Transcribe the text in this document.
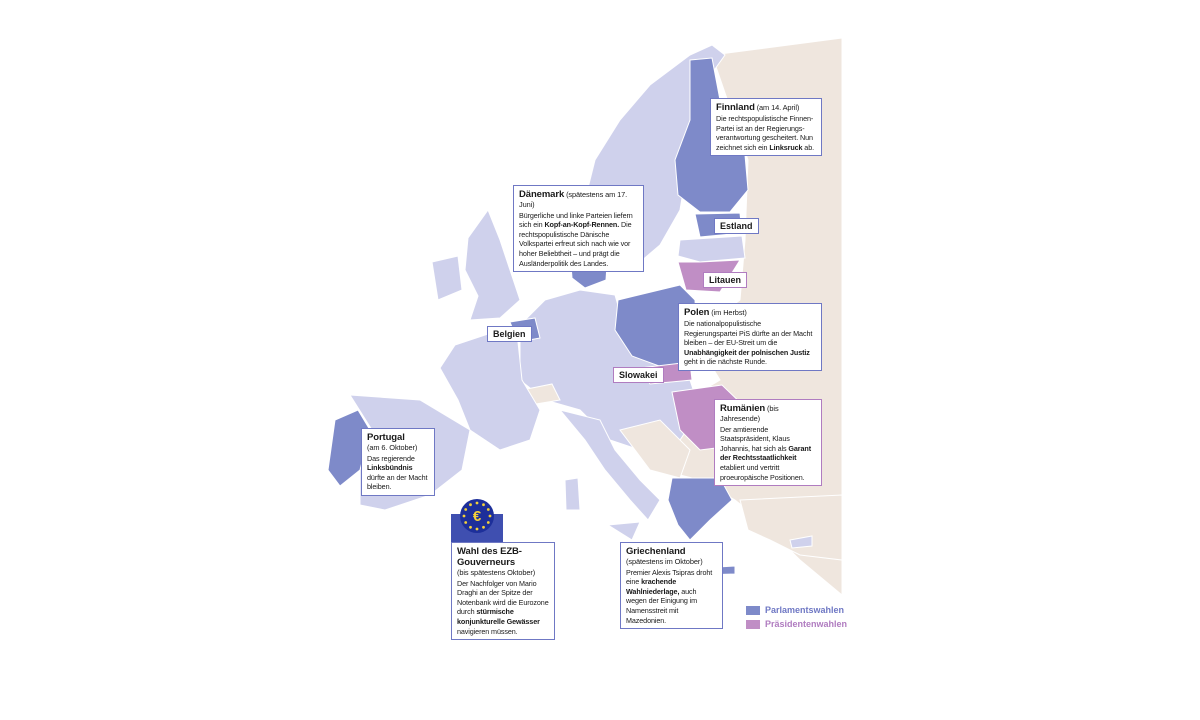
Estland
Litauen
Belgien
Slowakei
Finnland (am 14. April)

Die rechtspopulistische Finnen-Partei ist an der Regierungsverantwortung gescheitert. Nun zeichnet sich ein Linksruck ab.

Dänemark (spätestens am 17. Juni)

Bürgerliche und linke Parteien liefern sich ein Kopf-an-Kopf-Rennen. Die rechtspopulistische Dänische Volkspartei erfreut sich nach wie vor hoher Beliebtheit – und prägt die Ausländerpolitik des Landes.

Polen (im Herbst)

Die nationalpopulistische Regierungspartei PiS dürfte an der Macht bleiben – der EU-Streit um die Unabhängigkeit der polnischen Justiz geht in die nächste Runde.

Rumänien (bis Jahresende)

Der amtierende Staatspräsident, Klaus Johannis, hat sich als Garant der Rechtsstaatlichkeit etabliert und vertritt proeuropäische Positionen.

Portugal
(am 6. Oktober)

Das regierende Linksbündnis dürfte an der Macht bleiben.

€
Wahl des EZB-Gouverneurs
(bis spätestens Oktober)

Der Nachfolger von Mario Draghi an der Spitze der Notenbank wird die Eurozone durch stürmische konjunkturelle Gewässer navigieren müssen.

Griechenland
(spätestens im Oktober)

Premier Alexis Tsipras droht eine krachende Wahlniederlage, auch wegen der Einigung im Namensstreit mit Mazedonien.

Parlamentswahlen
Präsidentenwahlen
